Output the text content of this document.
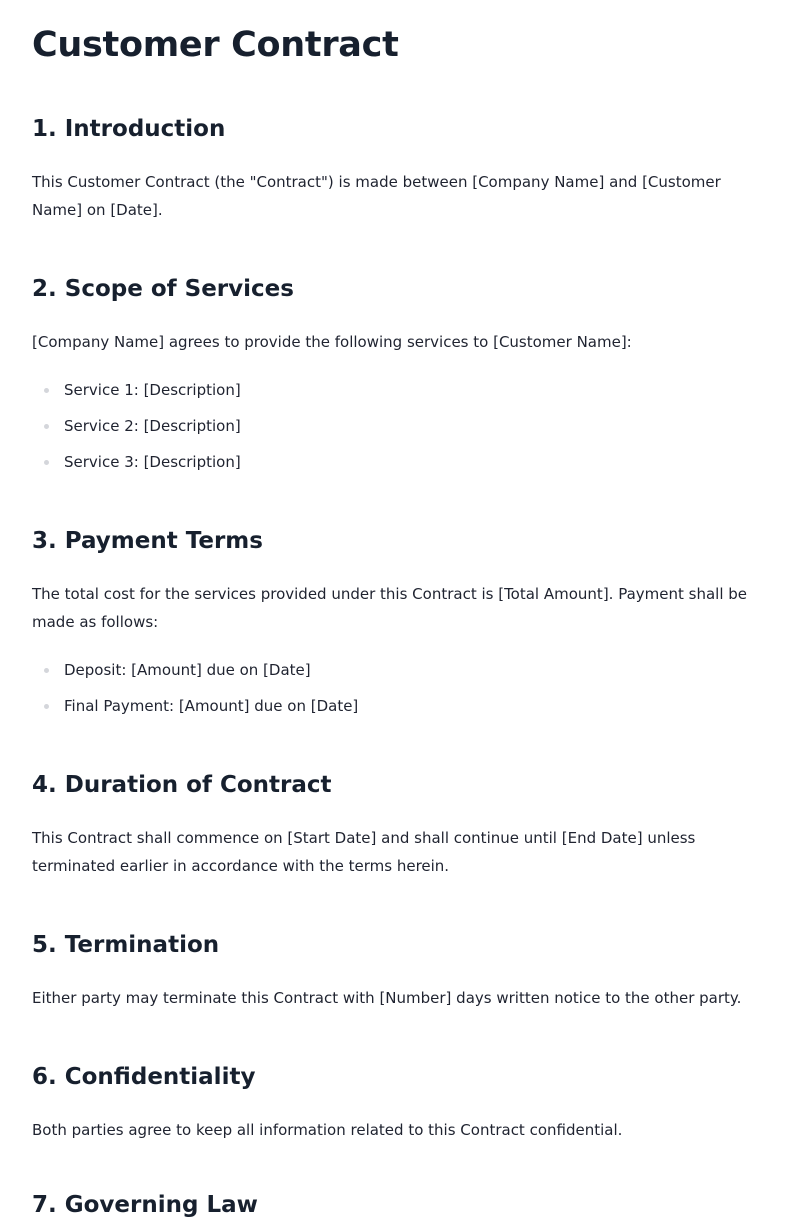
Customer Contract
1. Introduction

This Customer Contract (the "Contract") is made between [Company Name] and [Customer Name] on [Date].

2. Scope of Services

[Company Name] agrees to provide the following services to [Customer Name]:

Service 1: [Description]
Service 2: [Description]
Service 3: [Description]
3. Payment Terms

The total cost for the services provided under this Contract is [Total Amount]. Payment shall be made as follows:

Deposit: [Amount] due on [Date]
Final Payment: [Amount] due on [Date]
4. Duration of Contract

This Contract shall commence on [Start Date] and shall continue until [End Date] unless terminated earlier in accordance with the terms herein.

5. Termination

Either party may terminate this Contract with [Number] days written notice to the other party.

6. Confidentiality

Both parties agree to keep all information related to this Contract confidential.

7. Governing Law
